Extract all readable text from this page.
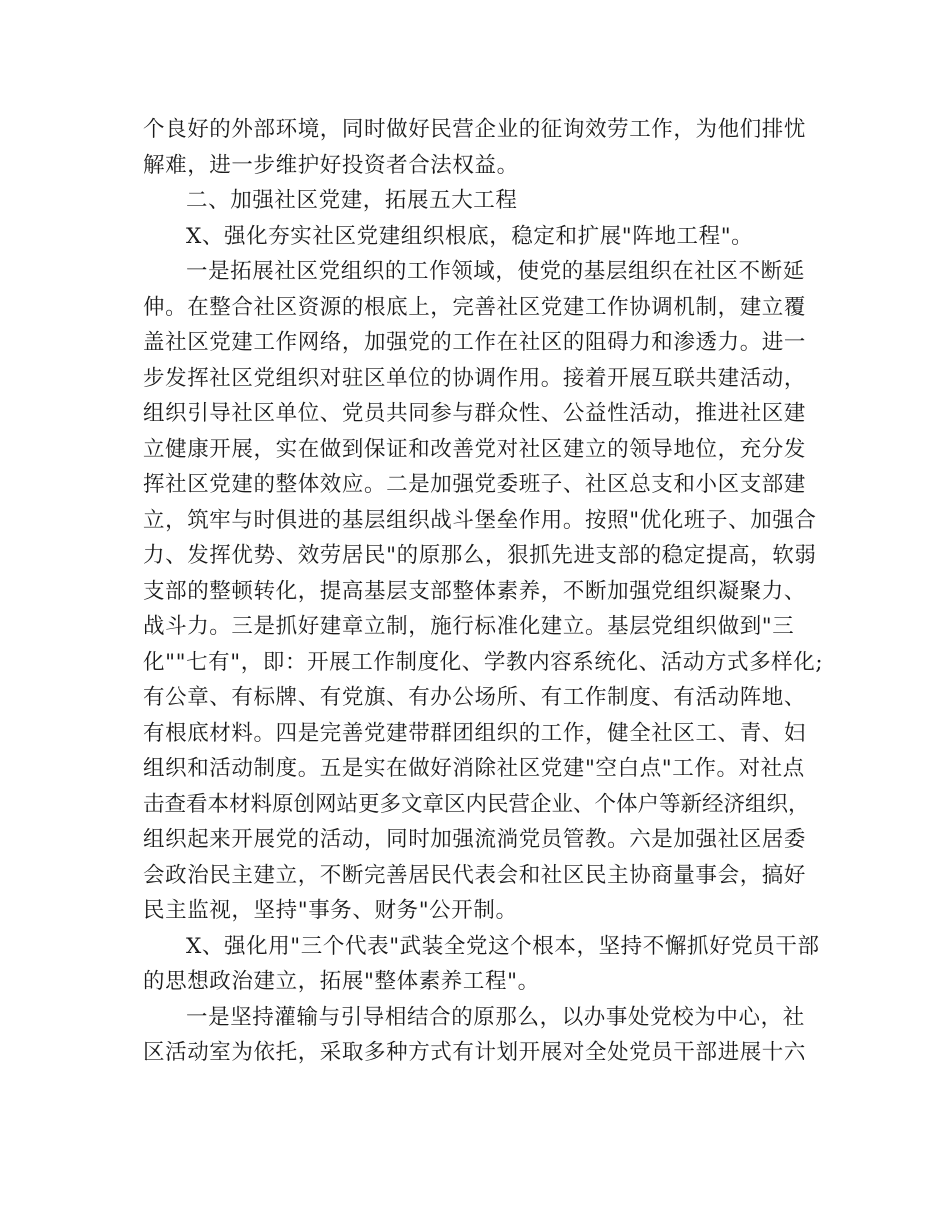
个良好的外部环境，同时做好民营企业的征询效劳工作，为他们排忧
解难，进一步维护好投资者合法权益。
二、加强社区党建，拓展五大工程
X、强化夯实社区党建组织根底，稳定和扩展"阵地工程"。
一是拓展社区党组织的工作领域，使党的基层组织在社区不断延
伸。在整合社区资源的根底上，完善社区党建工作协调机制，建立覆
盖社区党建工作网络，加强党的工作在社区的阻碍力和渗透力。进一
步发挥社区党组织对驻区单位的协调作用。接着开展互联共建活动，
组织引导社区单位、党员共同参与群众性、公益性活动，推进社区建
立健康开展，实在做到保证和改善党对社区建立的领导地位，充分发
挥社区党建的整体效应。二是加强党委班子、社区总支和小区支部建
立，筑牢与时俱进的基层组织战斗堡垒作用。按照"优化班子、加强合
力、发挥优势、效劳居民"的原那么，狠抓先进支部的稳定提高，软弱
支部的整顿转化，提高基层支部整体素养，不断加强党组织凝聚力、
战斗力。三是抓好建章立制，施行标准化建立。基层党组织做到"三
化""七有"，即：开展工作制度化、学教内容系统化、活动方式多样化;
有公章、有标牌、有党旗、有办公场所、有工作制度、有活动阵地、
有根底材料。四是完善党建带群团组织的工作，健全社区工、青、妇
组织和活动制度。五是实在做好消除社区党建"空白点"工作。对社点
击查看本材料原创网站更多文章区内民营企业、个体户等新经济组织，
组织起来开展党的活动，同时加强流淌党员管教。六是加强社区居委
会政治民主建立，不断完善居民代表会和社区民主协商量事会，搞好
民主监视，坚持"事务、财务"公开制。
X、强化用"三个代表"武装全党这个根本，坚持不懈抓好党员干部
的思想政治建立，拓展"整体素养工程"。
一是坚持灌输与引导相结合的原那么，以办事处党校为中心，社
区活动室为依托，采取多种方式有计划开展对全处党员干部进展十六
